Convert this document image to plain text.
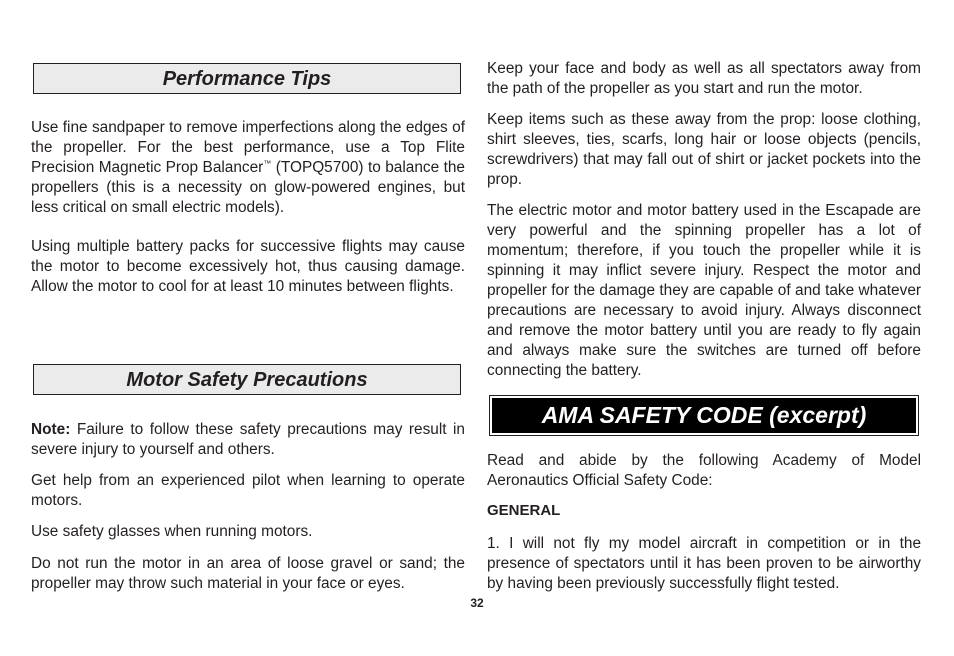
Performance Tips

Use fine sandpaper to remove imperfections along the edges of the propeller. For the best performance, use a Top Flite Precision Magnetic Prop Balancer™ (TOPQ5700) to balance the propellers (this is a necessity on glow-powered engines, but less critical on small electric models).

Using multiple battery packs for successive flights may cause the motor to become excessively hot, thus causing damage. Allow the motor to cool for at least 10 minutes between flights.

Motor Safety Precautions

Note: Failure to follow these safety precautions may result in severe injury to yourself and others.

Get help from an experienced pilot when learning to operate motors.

Use safety glasses when running motors.

Do not run the motor in an area of loose gravel or sand; the propeller may throw such material in your face or eyes.

Keep your face and body as well as all spectators away from the path of the propeller as you start and run the motor.

Keep items such as these away from the prop: loose clothing, shirt sleeves, ties, scarfs, long hair or loose objects (pencils, screwdrivers) that may fall out of shirt or jacket pockets into the prop.

The electric motor and motor battery used in the Escapade are very powerful and the spinning propeller has a lot of momentum; therefore, if you touch the propeller while it is spinning it may inflict severe injury. Respect the motor and propeller for the damage they are capable of and take whatever precautions are necessary to avoid injury. Always disconnect and remove the motor battery until you are ready to fly again and always make sure the switches are turned off before connecting the battery.

AMA SAFETY CODE (excerpt)

Read and abide by the following Academy of Model Aeronautics Official Safety Code:

GENERAL

1. I will not fly my model aircraft in competition or in the presence of spectators until it has been proven to be airworthy by having been previously successfully flight tested.

32
